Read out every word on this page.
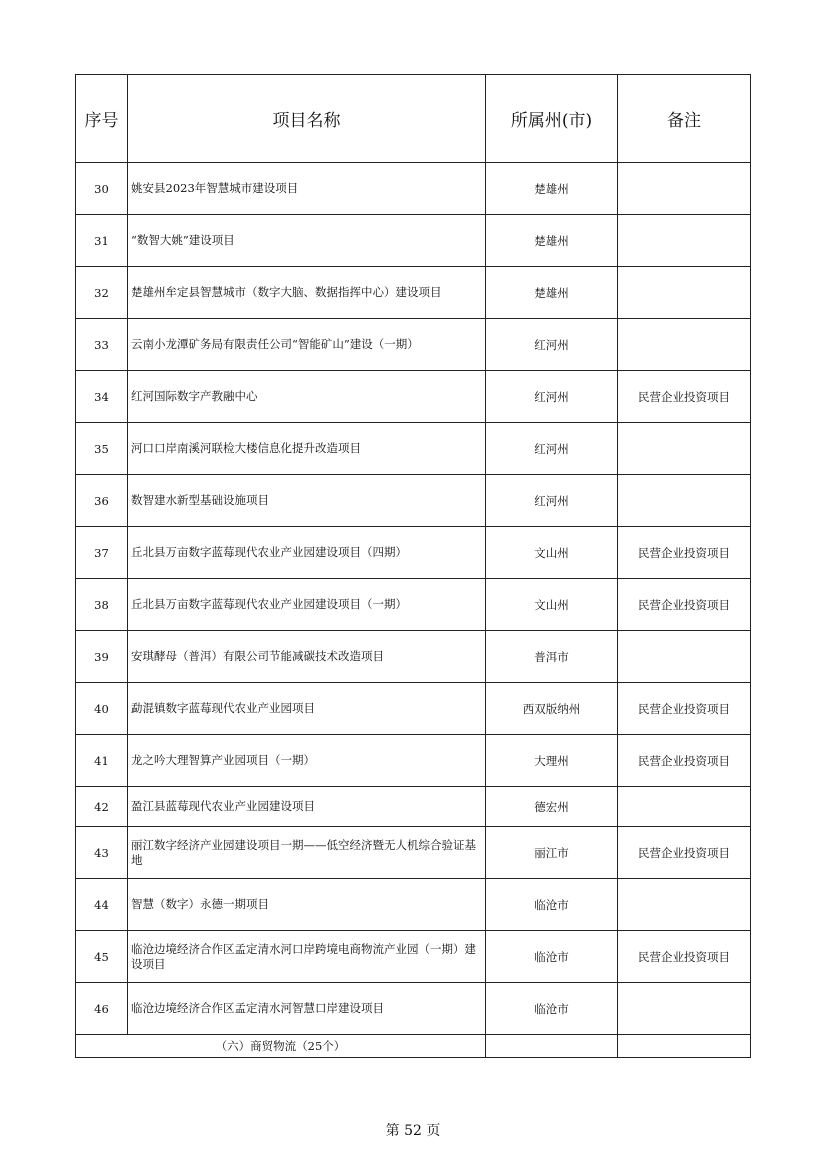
序号	项目名称	所属州(市)	备注
30	姚安县2023年智慧城市建设项目	楚雄州	
31	“数智大姚”建设项目	楚雄州	
32	楚雄州牟定县智慧城市（数字大脑、数据指挥中心）建设项目	楚雄州	
33	云南小龙潭矿务局有限责任公司“智能矿山”建设（一期）	红河州	
34	红河国际数字产教融中心	红河州	民营企业投资项目
35	河口口岸南溪河联检大楼信息化提升改造项目	红河州	
36	数智建水新型基础设施项目	红河州	
37	丘北县万亩数字蓝莓现代农业产业园建设项目（四期）	文山州	民营企业投资项目
38	丘北县万亩数字蓝莓现代农业产业园建设项目（一期）	文山州	民营企业投资项目
39	安琪酵母（普洱）有限公司节能减碳技术改造项目	普洱市	
40	勐混镇数字蓝莓现代农业产业园项目	西双版纳州	民营企业投资项目
41	龙之吟大理智算产业园项目（一期）	大理州	民营企业投资项目
42	盈江县蓝莓现代农业产业园建设项目	德宏州	
43	丽江数字经济产业园建设项目一期——低空经济暨无人机综合验证基地	丽江市	民营企业投资项目
44	智慧（数字）永德一期项目	临沧市	
45	临沧边境经济合作区孟定清水河口岸跨境电商物流产业园（一期）建设项目	临沧市	民营企业投资项目
46	临沧边境经济合作区孟定清水河智慧口岸建设项目	临沧市	
（六）商贸物流（25个）			
第 52 页
